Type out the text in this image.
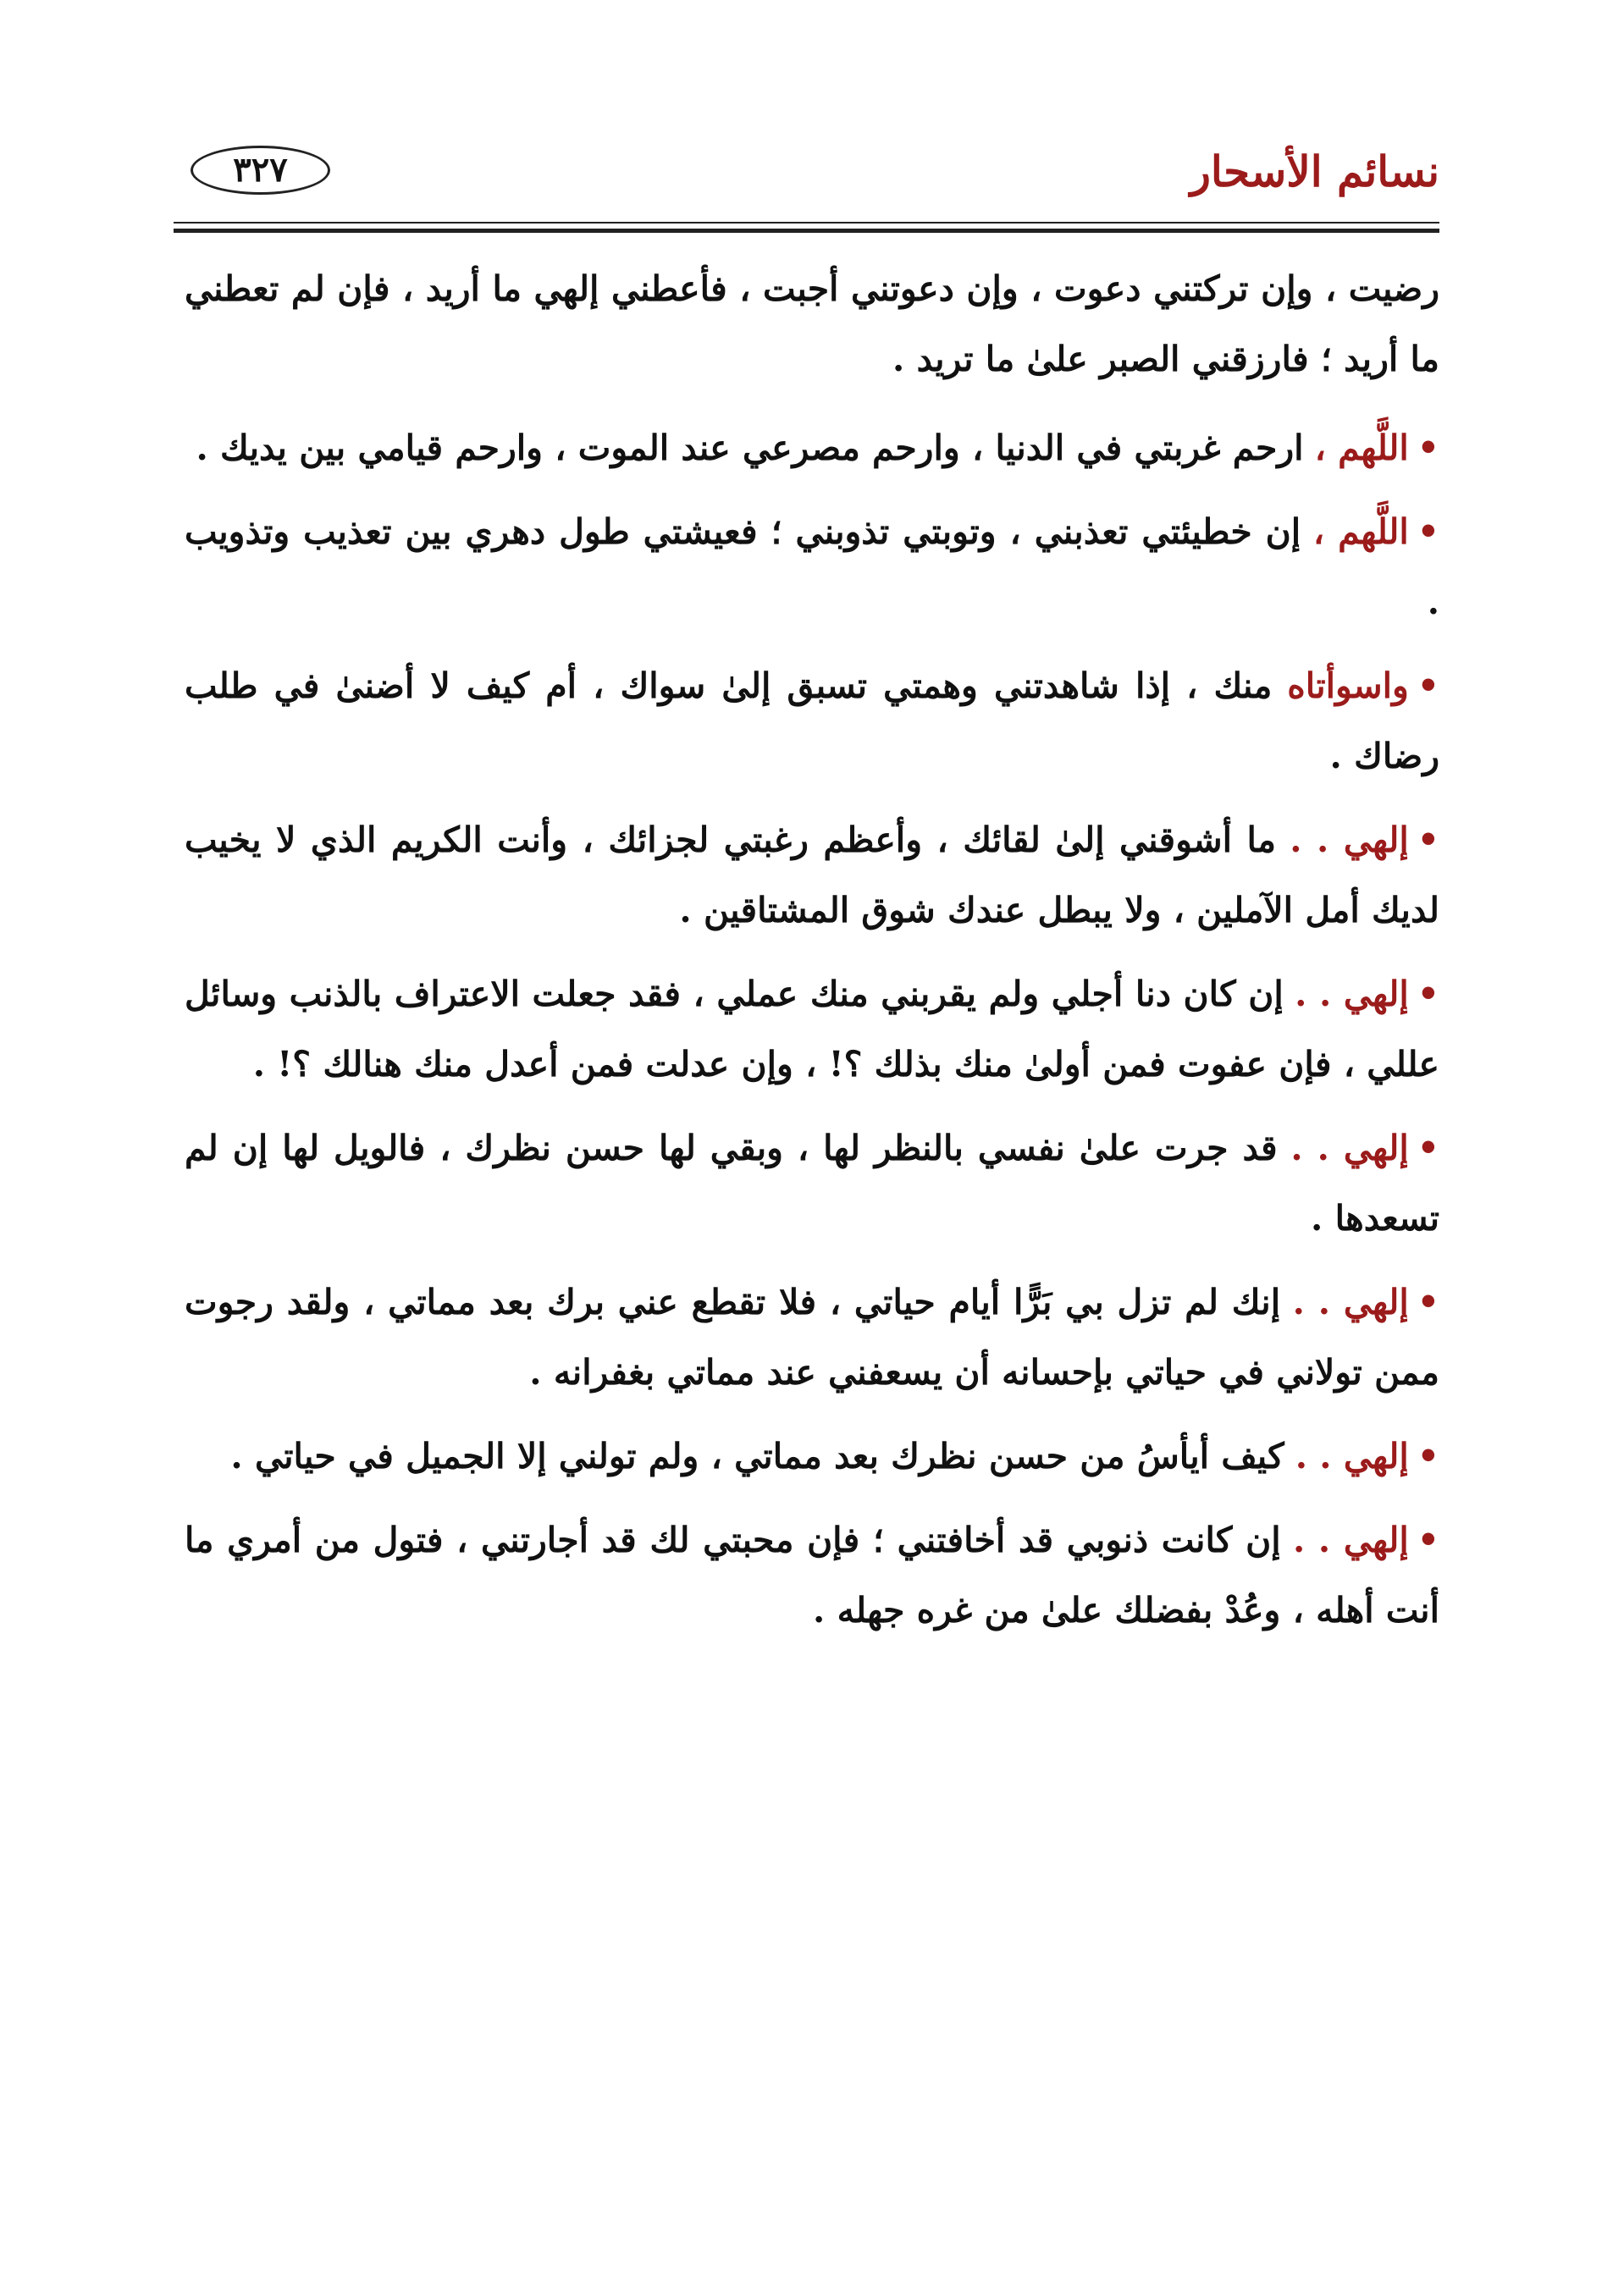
نسائم الأسحار
٣٢٧

رضيت ، وإن تركتني دعوت ، وإن دعوتني أجبت ، فأعطني إلهي ما أريد ، فإن لم تعطني ما أريد ؛ فارزقني الصبر علىٰ ما تريد .

•اللَّهم ، ارحم غربتي في الدنيا ، وارحم مصرعي عند الموت ، وارحم قيامي بين يديك .

•اللَّهم ، إن خطيئتي تعذبني ، وتوبتي تذوبني ؛ فعيشتي طول دهري بين تعذيب وتذويب .

•واسوأتاه منك ، إذا شاهدتني وهمتي تسبق إلىٰ سواك ، أم كيف لا أضنىٰ في طلب رضاك .

•إلهي . . ما أشوقني إلىٰ لقائك ، وأعظم رغبتي لجزائك ، وأنت الكريم الذي لا يخيب لديك أمل الآملين ، ولا يبطل عندك شوق المشتاقين .

•إلهي . . إن كان دنا أجلي ولم يقربني منك عملي ، فقد جعلت الاعتراف بالذنب وسائل عللي ، فإن عفوت فمن أولىٰ منك بذلك ؟! ، وإن عدلت فمن أعدل منك هنالك ؟! .

•إلهي . . قد جرت علىٰ نفسي بالنظر لها ، وبقي لها حسن نظرك ، فالويل لها إن لم تسعدها .

•إلهي . . إنك لم تزل بي بَرًّا أيام حياتي ، فلا تقطع عني برك بعد مماتي ، ولقد رجوت ممن تولاني في حياتي بإحسانه أن يسعفني عند مماتي بغفرانه .

•إلهي . . كيف أيأسُ من حسن نظرك بعد مماتي ، ولم تولني إلا الجميل في حياتي .

•إلهي . . إن كانت ذنوبي قد أخافتني ؛ فإن محبتي لك قد أجارتني ، فتول من أمري ما أنت أهله ، وعُدْ بفضلك علىٰ من غره جهله .
